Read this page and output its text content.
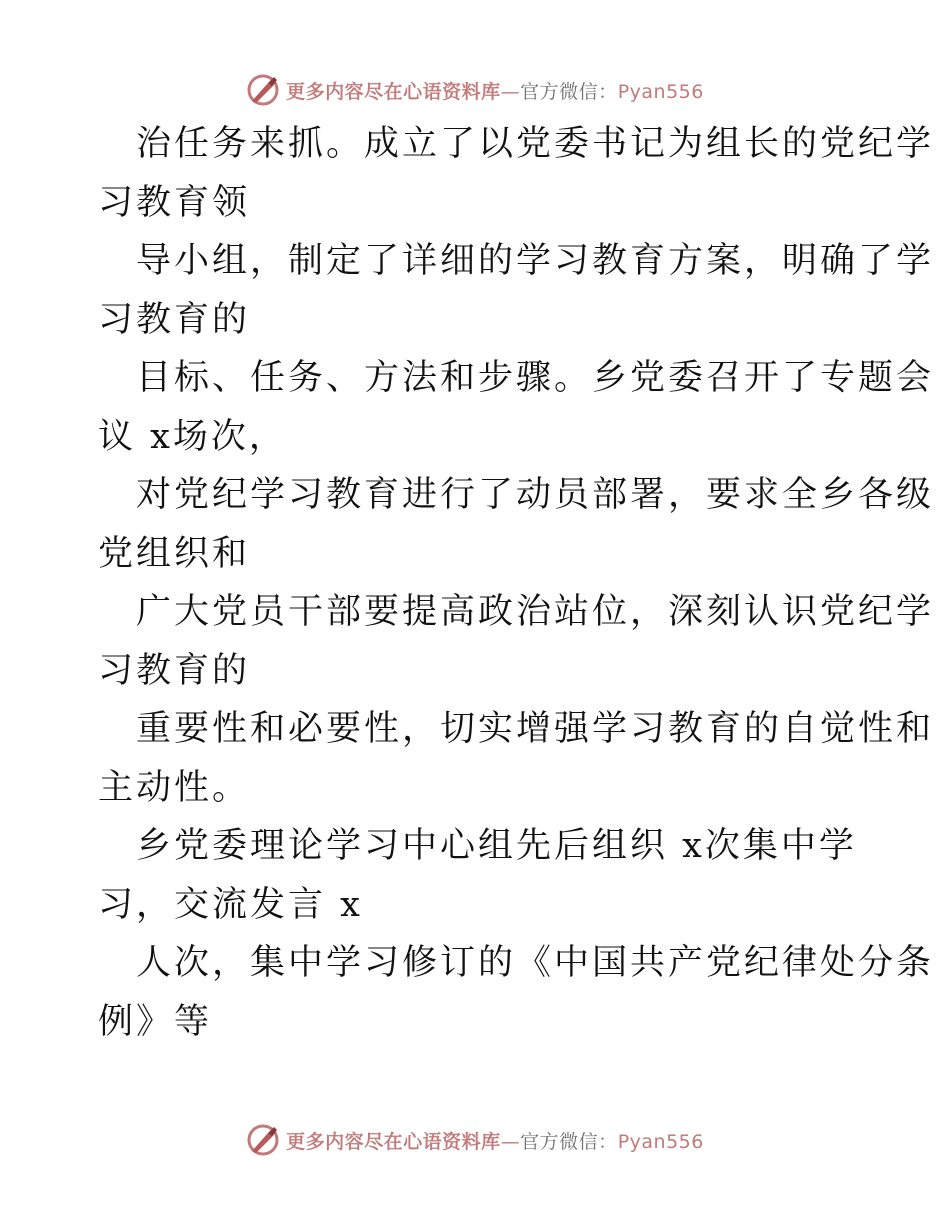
更多内容尽在心语资料库—官方微信：Pyan556
治任务来抓。成立了以党委书记为组长的党纪学
习教育领
导小组，制定了详细的学习教育方案，明确了学
习教育的
目标、任务、方法和步骤。乡党委召开了专题会
议 x场次，
对党纪学习教育进行了动员部署，要求全乡各级
党组织和
广大党员干部要提高政治站位，深刻认识党纪学
习教育的
重要性和必要性，切实增强学习教育的自觉性和
主动性。
乡党委理论学习中心组先后组织 x次集中学
习，交流发言 x
人次，集中学习修订的《中国共产党纪律处分条
例》等
更多内容尽在心语资料库—官方微信：Pyan556
